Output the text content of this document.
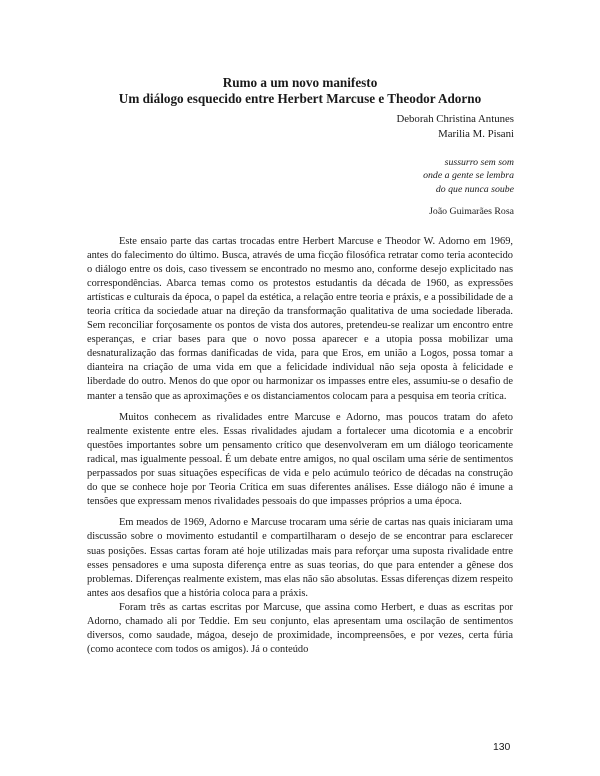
Rumo a um novo manifesto

Um diálogo esquecido entre Herbert Marcuse e Theodor Adorno

Deborah Christina Antunes
Marilia M. Pisani
sussurro sem som
onde a gente se lembra
do que nunca soube
João Guimarães Rosa

Este ensaio parte das cartas trocadas entre Herbert Marcuse e Theodor W. Adorno em 1969, antes do falecimento do último. Busca, através de uma ficção filosófica retratar como teria acontecido o diálogo entre os dois, caso tivessem se encontrado no mesmo ano, conforme desejo explicitado nas correspondências. Abarca temas como os protestos estudantis da década de 1960, as expressões artísticas e culturais da época, o papel da estética, a relação entre teoria e práxis, e a possibilidade de a teoria crítica da sociedade atuar na direção da transformação qualitativa de uma sociedade liberada. Sem reconciliar forçosamente os pontos de vista dos autores, pretendeu-se realizar um encontro entre esperanças, e criar bases para que o novo possa aparecer e a utopia possa mobilizar uma desnaturalização das formas danificadas de vida, para que Eros, em união a Logos, possa tomar a dianteira na criação de uma vida em que a felicidade individual não seja oposta à felicidade e liberdade do outro. Menos do que opor ou harmonizar os impasses entre eles, assumiu-se o desafio de manter a tensão que as aproximações e os distanciamentos colocam para a pesquisa em teoria crítica.

Muitos conhecem as rivalidades entre Marcuse e Adorno, mas poucos tratam do afeto realmente existente entre eles. Essas rivalidades ajudam a fortalecer uma dicotomia e a encobrir questões importantes sobre um pensamento crítico que desenvolveram em um diálogo teoricamente radical, mas igualmente pessoal. É um debate entre amigos, no qual oscilam uma série de sentimentos perpassados por suas situações específicas de vida e pelo acúmulo teórico de décadas na construção do que se conhece hoje por Teoria Crítica em suas diferentes análises. Esse diálogo não é imune a tensões que expressam menos rivalidades pessoais do que impasses próprios a uma época.

Em meados de 1969, Adorno e Marcuse trocaram uma série de cartas nas quais iniciaram uma discussão sobre o movimento estudantil e compartilharam o desejo de se encontrar para esclarecer suas posições. Essas cartas foram até hoje utilizadas mais para reforçar uma suposta rivalidade entre esses pensadores e uma suposta diferença entre as suas teorias, do que para entender a gênese dos problemas. Diferenças realmente existem, mas elas não são absolutas. Essas diferenças dizem respeito antes aos desafios que a história coloca para a práxis.

Foram três as cartas escritas por Marcuse, que assina como Herbert, e duas as escritas por Adorno, chamado ali por Teddie. Em seu conjunto, elas apresentam uma oscilação de sentimentos diversos, como saudade, mágoa, desejo de proximidade, incompreensões, e por vezes, certa fúria (como acontece com todos os amigos). Já o conteúdo

130
